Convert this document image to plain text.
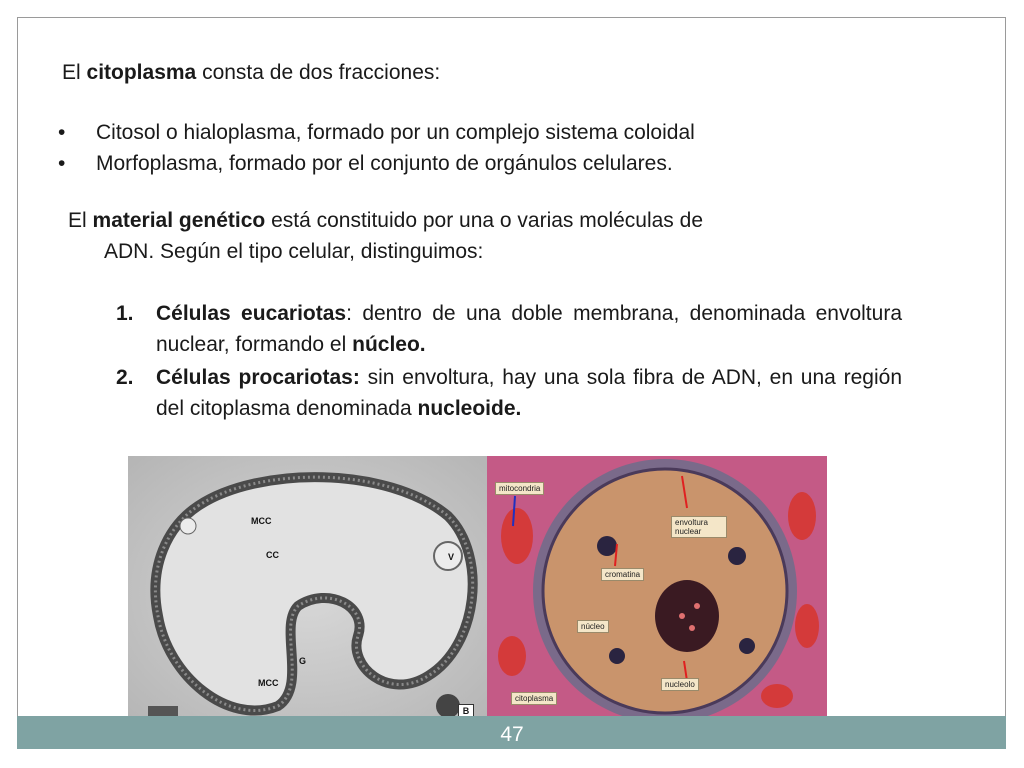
El citoplasma consta de dos fracciones:
•	Citosol o hialoplasma, formado por un complejo sistema coloidal
•	Morfoplasma, formado por el conjunto de orgánulos celulares.
El material genético está constituido por una o varias moléculas de
ADN. Según el tipo celular, distinguimos:
1.	Células eucariotas: dentro de una doble membrana, denominada envoltura nuclear, formando el núcleo.
2.	Células procariotas: sin envoltura, hay una sola fibra de ADN, en una región del citoplasma denominada nucleoide.
MCC
CC	V
G
MCC
B
mitocondria
envoltura nuclear
cromatina
núcleo
nucleolo
citoplasma
47
